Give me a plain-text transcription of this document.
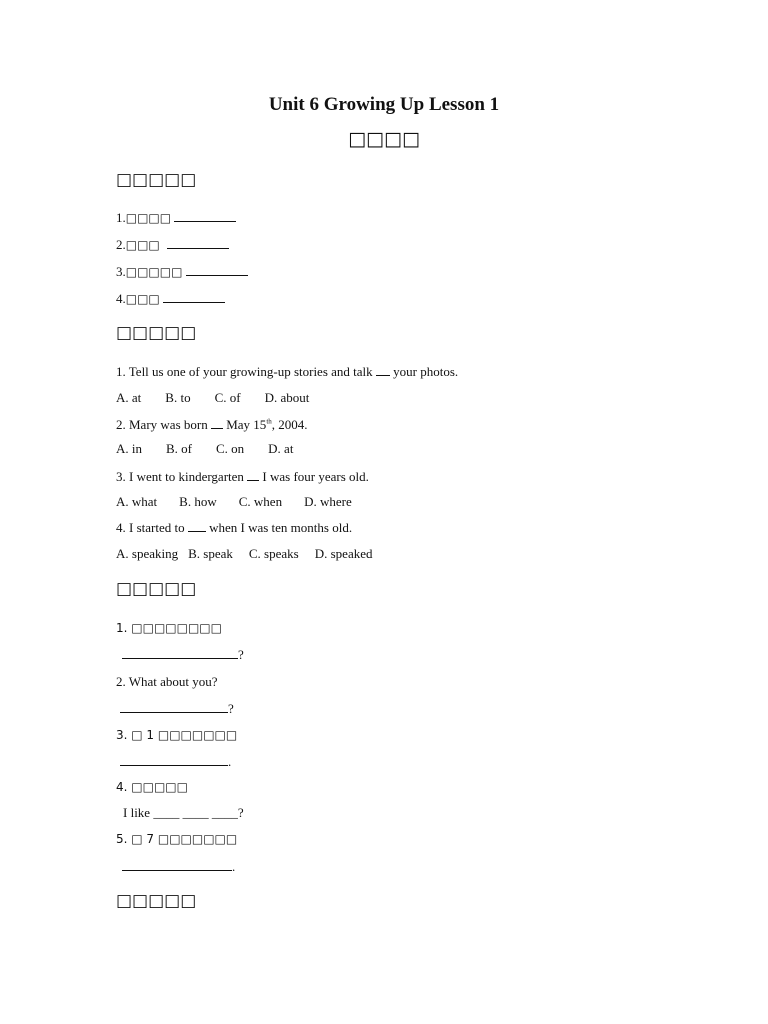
Unit 6 Growing Up Lesson 1
□□□□
□□□□□
1.□□□□
2.□□□
3.□□□□□
4.□□□
□□□□□
1. Tell us one of your growing-up stories and talk your photos.
A. at B. to C. of D. about
2. Mary was born May 15th, 2004.
A. in B. of C. on D. at
3. I went to kindergarten I was four years old.
A. what B. how C. when D. where
4. I started to when I was ten months old.
A. speaking B. speak C. speaks D. speaked
□□□□□
1. □□□□□□□□
?
2. What about you?
?
3. □ 1 □□□□□□□
.
4. □□□□□
I like ____ ____ ____?
5. □ 7 □□□□□□□
.
□□□□□
